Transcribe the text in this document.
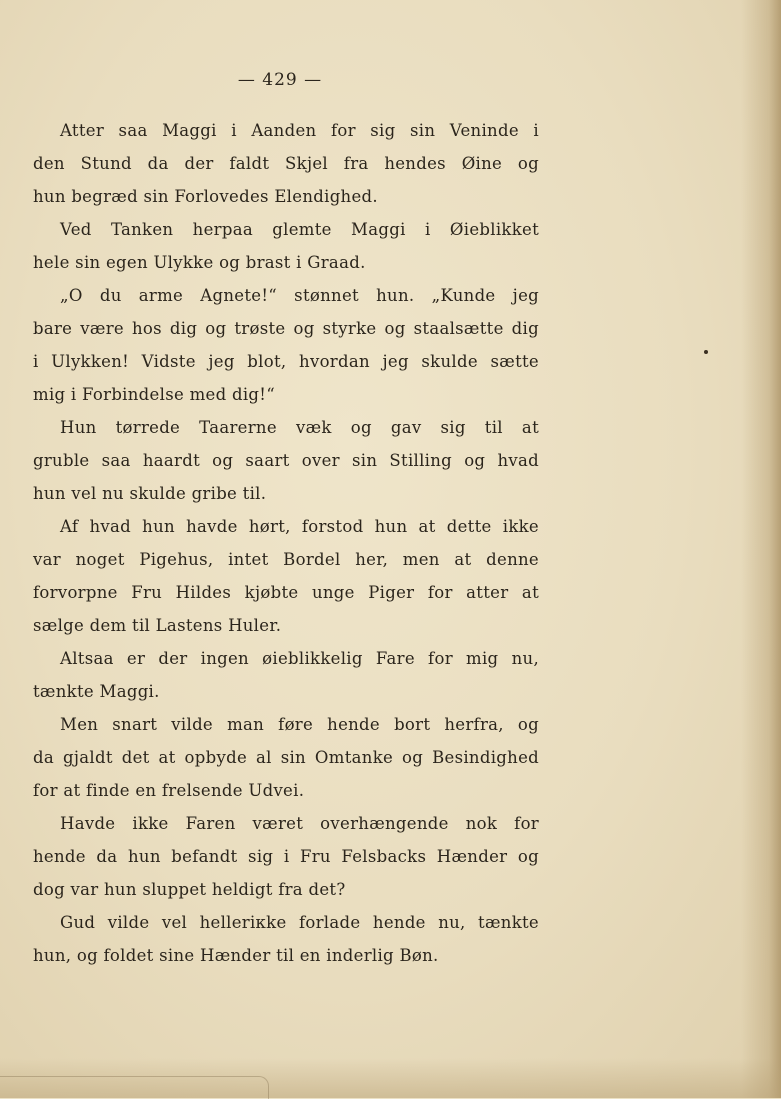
— 429 —
Atter saa Maggi i Aanden for sig sin Veninde i
den Stund da der faldt Skjel fra hendes Øine og
hun begræd sin Forlovedes Elendighed.
Ved Tanken herpaa glemte Maggi i Øieblikket
hele sin egen Ulykke og brast i Graad.
„O du arme Agnete!“ stønnet hun. „Kunde jeg
bare være hos dig og trøste og styrke og staalsætte dig
i Ulykken! Vidste jeg blot, hvordan jeg skulde sætte
mig i Forbindelse med dig!“
Hun tørrede Taarerne væk og gav sig til at
gruble saa haardt og saart over sin Stilling og hvad
hun vel nu skulde gribe til.
Af hvad hun havde hørt, forstod hun at dette ikke
var noget Pigehus, intet Bordel her, men at denne
forvorpne Fru Hildes kjøbte unge Piger for atter at
sælge dem til Lastens Huler.
Altsaa er der ingen øieblikkelig Fare for mig nu,
tænkte Maggi.
Men snart vilde man føre hende bort herfra, og
da gjaldt det at opbyde al sin Omtanke og Besindighed
for at finde en frelsende Udvei.
Havde ikke Faren været overhængende nok for
hende da hun befandt sig i Fru Felsbacks Hænder og
dog var hun sluppet heldigt fra det?
Gud vilde vel helleriкke forlade hende nu, tænkte
hun, og foldet sine Hænder til en inderlig Bøn.
